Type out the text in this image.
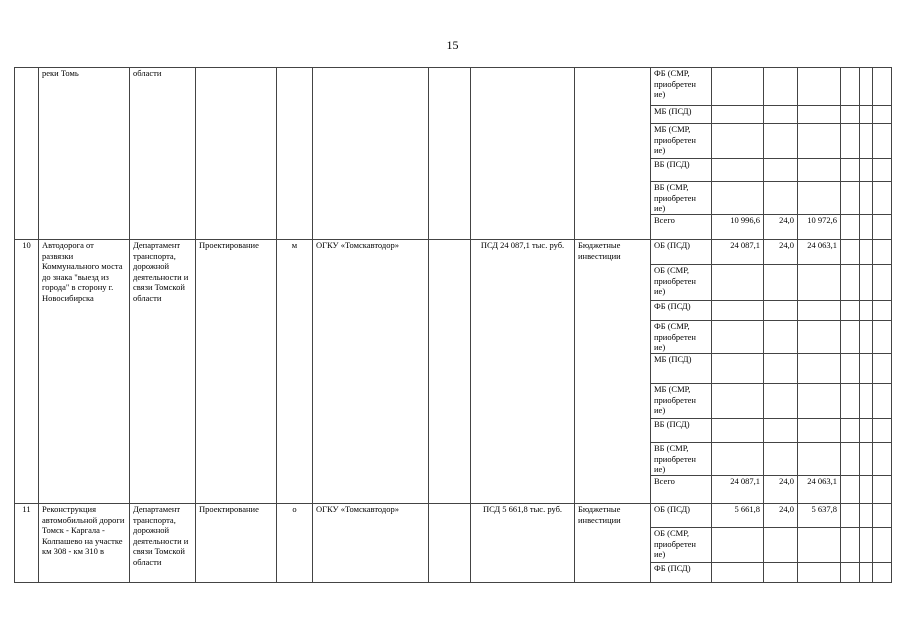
15
	реки Томь	области							ФБ (СМР, приобретен ие)						
									МБ (ПСД)						
									МБ (СМР, приобретен ие)						
									ВБ (ПСД)						
									ВБ (СМР, приобретен ие)						
									Всего	10 996,6	24,0	10 972,6			
10	Автодорога от развязки Коммунального моста до знака "выезд из города" в сторону г. Новосибирска	Департамент транспорта, дорожной деятельности и связи Томской области	Проектирование	м	ОГКУ «Томскавтодор»		ПСД 24 087,1 тыс. руб.	Бюджетные инвестиции	ОБ (ПСД)	24 087,1	24,0	24 063,1			
									ОБ (СМР, приобретен ие)						
									ФБ (ПСД)						
									ФБ (СМР, приобретен ие)						
									МБ (ПСД)						
									МБ (СМР, приобретен ие)						
									ВБ (ПСД)						
									ВБ (СМР, приобретен ие)						
									Всего	24 087,1	24,0	24 063,1			
11	Реконструкция автомобильной дороги Томск - Каргала - Колпашево на участке км 308 - км 310 в	Департамент транспорта, дорожной деятельности и связи Томской области	Проектирование	о	ОГКУ «Томскавтодор»		ПСД 5 661,8 тыс. руб.	Бюджетные инвестиции	ОБ (ПСД)	5 661,8	24,0	5 637,8			
									ОБ (СМР, приобретен ие)						
									ФБ (ПСД)						
